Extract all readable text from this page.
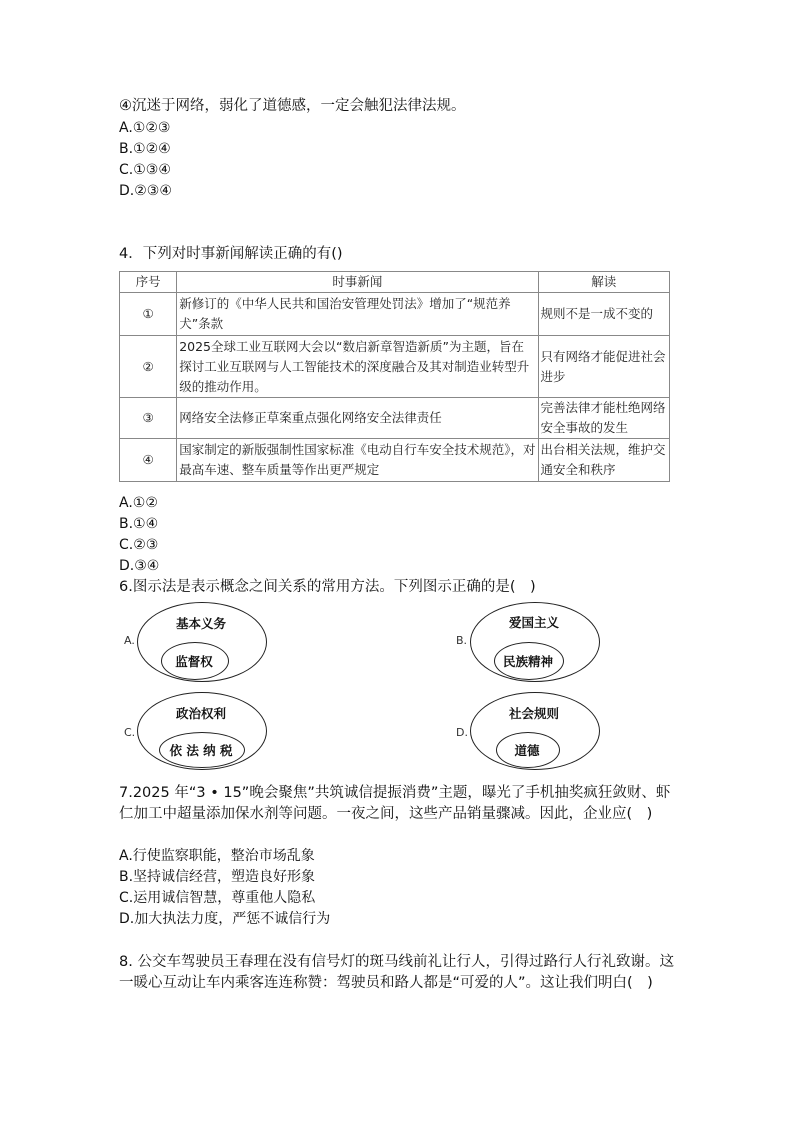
④沉迷于网络，弱化了道德感，一定会触犯法律法规。
A.①②③
B.①②④
C.①③④
D.②③④
4．下列对时事新闻解读正确的有()
序号	时事新闻	解读
①	新修订的《中华人民共和国治安管理处罚法》增加了“规范养犬”条款	规则不是一成不变的
②	2025全球工业互联网大会以“数启新章智造新质”为主题，旨在探讨工业互联网与人工智能技术的深度融合及其对制造业转型升级的推动作用。	只有网络才能促进社会进步
③	网络安全法修正草案重点强化网络安全法律责任	完善法律才能杜绝网络安全事故的发生
④	国家制定的新版强制性国家标准《电动自行车安全技术规范》，对最高车速、整车质量等作出更严规定	出台相关法规，维护交通安全和秩序
A.①②
B.①④
C.②③
D.③④
6.图示法是表示概念之间关系的常用方法。下列图示正确的是(　)
A.
基本义务
监督权
B.
爱国主义
民族精神
C.
政治权利
依 法 纳 税
D.
社会规则
道德
7.2025 年“3 • 15”晚会聚焦”共筑诚信提振消费”主题，曝光了手机抽奖疯狂敛财、虾仁加工中超量添加保水剂等问题。一夜之间，这些产品销量骤减。因此，企业应(　)
A.行使监察职能，整治市场乱象
B.坚持诚信经营，塑造良好形象
C.运用诚信智慧，尊重他人隐私
D.加大执法力度，严惩不诚信行为
8. 公交车驾驶员王春理在没有信号灯的斑马线前礼让行人，引得过路行人行礼致谢。这一暖心互动让车内乘客连连称赞：驾驶员和路人都是“可爱的人”。这让我们明白(　)
